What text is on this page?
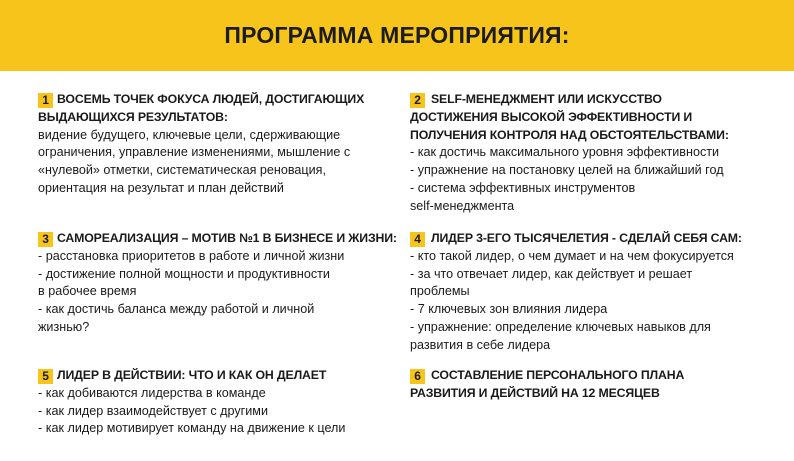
ПРОГРАММА МЕРОПРИЯТИЯ:
1 ВОСЕМЬ ТОЧЕК ФОКУСА ЛЮДЕЙ, ДОСТИГАЮЩИХ
ВЫДАЮЩИХСЯ РЕЗУЛЬТАТОВ:
видение будущего, ключевые цели, сдерживающие
ограничения, управление изменениями, мышление с
«нулевой» отметки, систематическая реновация,
ориентация на результат и план действий
2 SELF-МЕНЕДЖМЕНТ ИЛИ ИСКУССТВО
ДОСТИЖЕНИЯ ВЫСОКОЙ ЭФФЕКТИВНОСТИ И
ПОЛУЧЕНИЯ КОНТРОЛЯ НАД ОБСТОЯТЕЛЬСТВАМИ:
- как достичь максимального уровня эффективности
- упражнение на постановку целей на ближайший год
- система эффективных инструментов
self-менеджмента
3 САМОРЕАЛИЗАЦИЯ – МОТИВ №1 В БИЗНЕСЕ И ЖИЗНИ:
- расстановка приоритетов в работе и личной жизни
- достижение полной мощности и продуктивности
в рабочее время
- как достичь баланса между работой и личной
жизнью?
4 ЛИДЕР 3-ЕГО ТЫСЯЧЕЛЕТИЯ - СДЕЛАЙ СЕБЯ САМ:
- кто такой лидер, о чем думает и на чем фокусируется
- за что отвечает лидер, как действует и решает
проблемы
- 7 ключевых зон влияния лидера
- упражнение: определение ключевых навыков для
развития в себе лидера
5 ЛИДЕР В ДЕЙСТВИИ: ЧТО И КАК ОН ДЕЛАЕТ
- как добиваются лидерства в команде
- как лидер взаимодействует с другими
- как лидер мотивирует команду на движение к цели
6 СОСТАВЛЕНИЕ ПЕРСОНАЛЬНОГО ПЛАНА
РАЗВИТИЯ И ДЕЙСТВИЙ НА 12 МЕСЯЦЕВ
